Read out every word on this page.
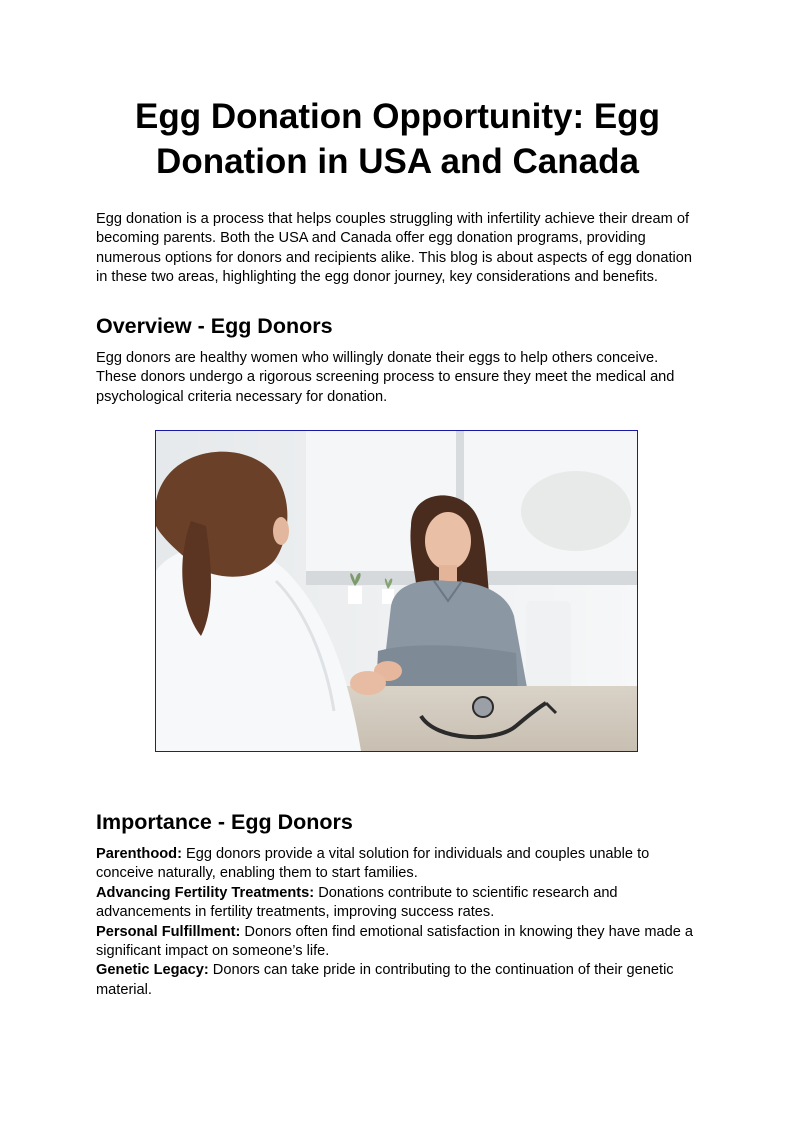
Egg Donation Opportunity: Egg Donation in USA and Canada

Egg donation is a process that helps couples struggling with infertility achieve their dream of becoming parents. Both the USA and Canada offer egg donation programs, providing numerous options for donors and recipients alike. This blog is about aspects of egg donation in these two areas, highlighting the egg donor journey, key considerations and benefits.

Overview - Egg Donors

Egg donors are healthy women who willingly donate their eggs to help others conceive. These donors undergo a rigorous screening process to ensure they meet the medical and psychological criteria necessary for donation.

Importance - Egg Donors

Parenthood: Egg donors provide a vital solution for individuals and couples unable to conceive naturally, enabling them to start families.

Advancing Fertility Treatments: Donations contribute to scientific research and advancements in fertility treatments, improving success rates.

Personal Fulfillment: Donors often find emotional satisfaction in knowing they have made a significant impact on someone’s life.

Genetic Legacy: Donors can take pride in contributing to the continuation of their genetic material.
